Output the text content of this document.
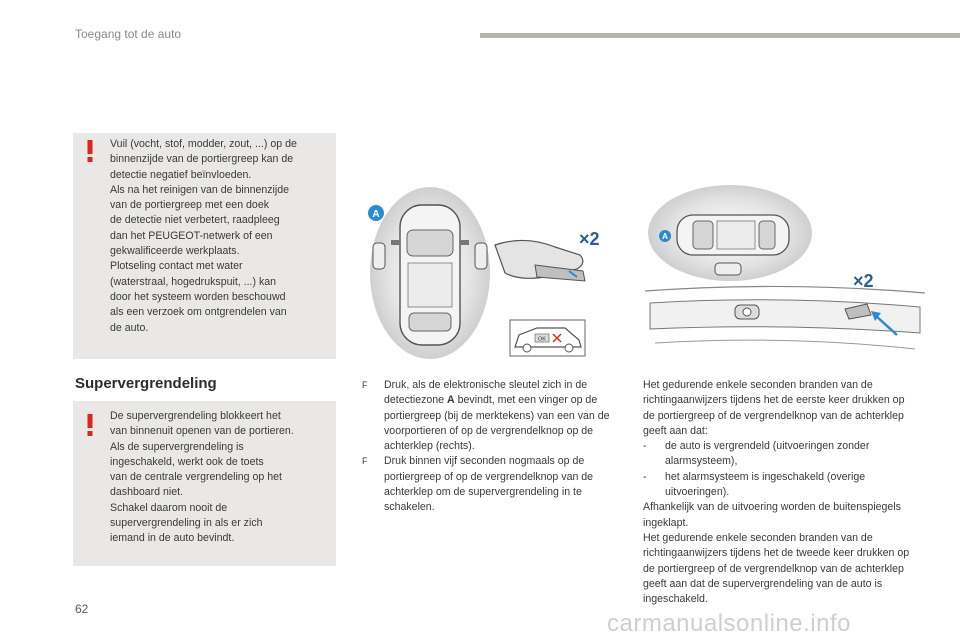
Toegang tot de auto

Vuil (vocht, stof, modder, zout, ...) op de

binnenzijde van de portiergreep kan de

detectie negatief beïnvloeden.

Als na het reinigen van de binnenzijde

van de portiergreep met een doek

de detectie niet verbetert, raadpleeg

dan het PEUGEOT-netwerk of een

gekwalificeerde werkplaats.

Plotseling contact met water

(waterstraal, hogedrukspuit, ...) kan

door het systeem worden beschouwd

als een verzoek om ontgrendelen van

de auto.

Supervergrendeling

De supervergrendeling blokkeert het

van binnenuit openen van de portieren.

Als de supervergrendeling is

ingeschakeld, werkt ook de toets

van de centrale vergrendeling op het

dashboard niet.

Schakel daarom nooit de

supervergrendeling in als er zich

iemand in de auto bevindt.

A
×2
OK
A
×2

F Druk, als de elektronische sleutel zich in de detectiezone A bevindt, met een vinger op de portiergreep (bij de merktekens) van een van de voorportieren of op de vergrendelknop op de achterklep (rechts).

F Druk binnen vijf seconden nogmaals op de portiergreep of op de vergrendelknop van de achterklep om de supervergrendeling in te schakelen.

Het gedurende enkele seconden branden van de richtingaanwijzers tijdens het de eerste keer drukken op de portiergreep of de vergrendelknop van de achterklep geeft aan dat:

- de auto is vergrendeld (uitvoeringen zonder alarmsysteem),

- het alarmsysteem is ingeschakeld (overige uitvoeringen).

Afhankelijk van de uitvoering worden de buitenspiegels ingeklapt.

Het gedurende enkele seconden branden van de richtingaanwijzers tijdens het de tweede keer drukken op de portiergreep of de vergrendelknop van de achterklep geeft aan dat de supervergrendeling van de auto is ingeschakeld.

62
carmanualsonline.info
